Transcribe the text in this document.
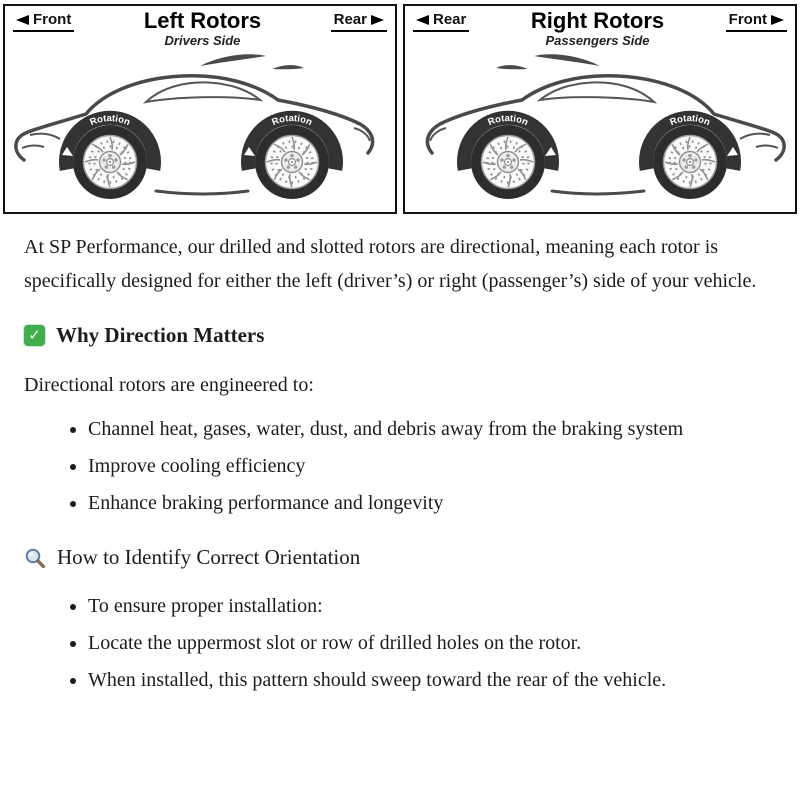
Front	Left Rotors
Drivers Side
Rear
Rotation	Rotation
Rear	Right Rotors
Passengers Side
Front
Rotation	Rotation

At SP Performance, our drilled and slotted rotors are directional, meaning each rotor is specifically designed for either the left (driver’s) or right (passenger’s) side of your vehicle.

✓ Why Direction Matters

Directional rotors are engineered to:

• Channel heat, gases, water, dust, and debris away from the braking system
• Improve cooling efficiency
• Enhance braking performance and longevity
How to Identify Correct Orientation
• To ensure proper installation:
• Locate the uppermost slot or row of drilled holes on the rotor.
• When installed, this pattern should sweep toward the rear of the vehicle.
